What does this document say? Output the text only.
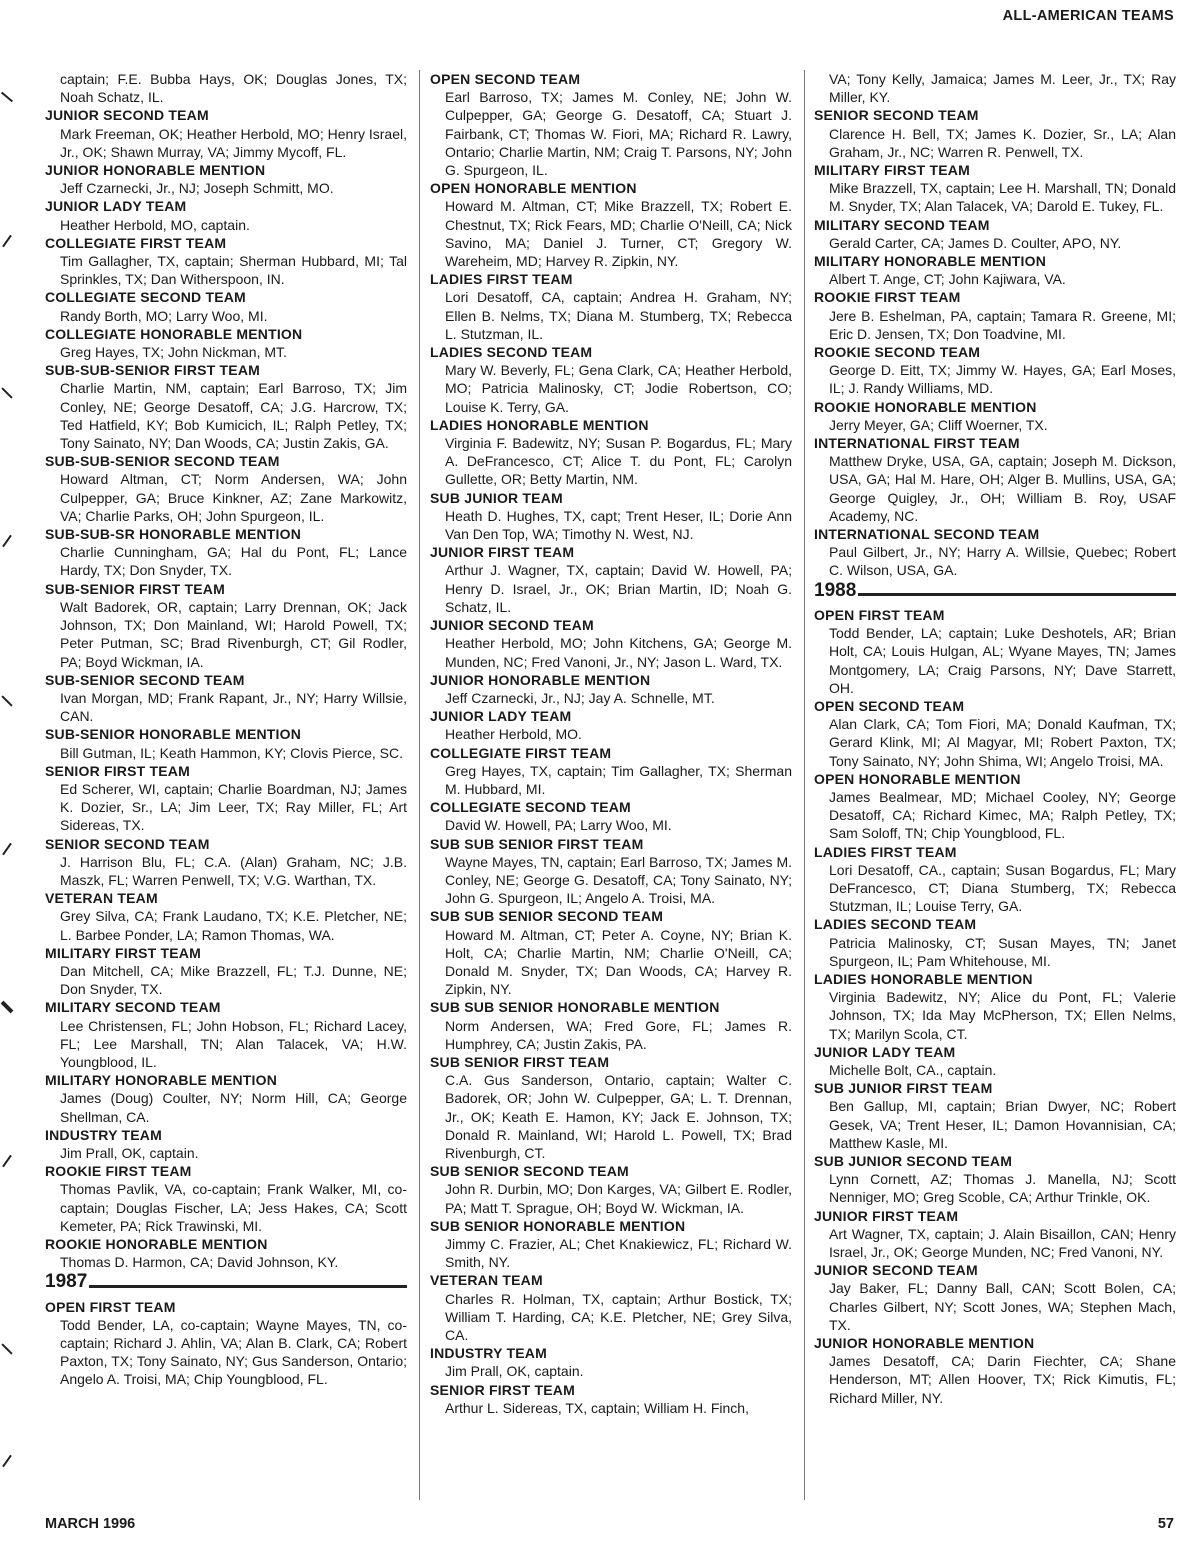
ALL-AMERICAN TEAMS

captain; F.E. Bubba Hays, OK; Douglas Jones, TX; Noah Schatz, IL.

JUNIOR SECOND TEAM

Mark Freeman, OK; Heather Herbold, MO; Henry Israel, Jr., OK; Shawn Murray, VA; Jimmy Mycoff, FL.

JUNIOR HONORABLE MENTION

Jeff Czarnecki, Jr., NJ; Joseph Schmitt, MO.

JUNIOR LADY TEAM

Heather Herbold, MO, captain.

COLLEGIATE FIRST TEAM

Tim Gallagher, TX, captain; Sherman Hubbard, MI; Tal Sprinkles, TX; Dan Witherspoon, IN.

COLLEGIATE SECOND TEAM

Randy Borth, MO; Larry Woo, MI.

COLLEGIATE HONORABLE MENTION

Greg Hayes, TX; John Nickman, MT.

SUB-SUB-SENIOR FIRST TEAM

Charlie Martin, NM, captain; Earl Barroso, TX; Jim Conley, NE; George Desatoff, CA; J.G. Harcrow, TX; Ted Hatfield, KY; Bob Kumicich, IL; Ralph Petley, TX; Tony Sainato, NY; Dan Woods, CA; Justin Zakis, GA.

SUB-SUB-SENIOR SECOND TEAM

Howard Altman, CT; Norm Andersen, WA; John Culpepper, GA; Bruce Kinkner, AZ; Zane Markowitz, VA; Charlie Parks, OH; John Spurgeon, IL.

SUB-SUB-SR HONORABLE MENTION

Charlie Cunningham, GA; Hal du Pont, FL; Lance Hardy, TX; Don Snyder, TX.

SUB-SENIOR FIRST TEAM

Walt Badorek, OR, captain; Larry Drennan, OK; Jack Johnson, TX; Don Mainland, WI; Harold Powell, TX; Peter Putman, SC; Brad Rivenburgh, CT; Gil Rodler, PA; Boyd Wickman, IA.

SUB-SENIOR SECOND TEAM

Ivan Morgan, MD; Frank Rapant, Jr., NY; Harry Willsie, CAN.

SUB-SENIOR HONORABLE MENTION

Bill Gutman, IL; Keath Hammon, KY; Clovis Pierce, SC.

SENIOR FIRST TEAM

Ed Scherer, WI, captain; Charlie Boardman, NJ; James K. Dozier, Sr., LA; Jim Leer, TX; Ray Miller, FL; Art Sidereas, TX.

SENIOR SECOND TEAM

J. Harrison Blu, FL; C.A. (Alan) Graham, NC; J.B. Maszk, FL; Warren Penwell, TX; V.G. Warthan, TX.

VETERAN TEAM

Grey Silva, CA; Frank Laudano, TX; K.E. Pletcher, NE; L. Barbee Ponder, LA; Ramon Thomas, WA.

MILITARY FIRST TEAM

Dan Mitchell, CA; Mike Brazzell, FL; T.J. Dunne, NE; Don Snyder, TX.

MILITARY SECOND TEAM

Lee Christensen, FL; John Hobson, FL; Richard Lacey, FL; Lee Marshall, TN; Alan Talacek, VA; H.W. Youngblood, IL.

MILITARY HONORABLE MENTION

James (Doug) Coulter, NY; Norm Hill, CA; George Shellman, CA.

INDUSTRY TEAM

Jim Prall, OK, captain.

ROOKIE FIRST TEAM

Thomas Pavlik, VA, co-captain; Frank Walker, MI, co-captain; Douglas Fischer, LA; Jess Hakes, CA; Scott Kemeter, PA; Rick Trawinski, MI.

ROOKIE HONORABLE MENTION

Thomas D. Harmon, CA; David Johnson, KY.

1987

OPEN FIRST TEAM

Todd Bender, LA, co-captain; Wayne Mayes, TN, co-captain; Richard J. Ahlin, VA; Alan B. Clark, CA; Robert Paxton, TX; Tony Sainato, NY; Gus Sanderson, Ontario; Angelo A. Troisi, MA; Chip Youngblood, FL.

OPEN SECOND TEAM

Earl Barroso, TX; James M. Conley, NE; John W. Culpepper, GA; George G. Desatoff, CA; Stuart J. Fairbank, CT; Thomas W. Fiori, MA; Richard R. Lawry, Ontario; Charlie Martin, NM; Craig T. Parsons, NY; John G. Spurgeon, IL.

OPEN HONORABLE MENTION

Howard M. Altman, CT; Mike Brazzell, TX; Robert E. Chestnut, TX; Rick Fears, MD; Charlie O'Neill, CA; Nick Savino, MA; Daniel J. Turner, CT; Gregory W. Wareheim, MD; Harvey R. Zipkin, NY.

LADIES FIRST TEAM

Lori Desatoff, CA, captain; Andrea H. Graham, NY; Ellen B. Nelms, TX; Diana M. Stumberg, TX; Rebecca L. Stutzman, IL.

LADIES SECOND TEAM

Mary W. Beverly, FL; Gena Clark, CA; Heather Herbold, MO; Patricia Malinosky, CT; Jodie Robertson, CO; Louise K. Terry, GA.

LADIES HONORABLE MENTION

Virginia F. Badewitz, NY; Susan P. Bogardus, FL; Mary A. DeFrancesco, CT; Alice T. du Pont, FL; Carolyn Gullette, OR; Betty Martin, NM.

SUB JUNIOR TEAM

Heath D. Hughes, TX, capt; Trent Heser, IL; Dorie Ann Van Den Top, WA; Timothy N. West, NJ.

JUNIOR FIRST TEAM

Arthur J. Wagner, TX, captain; David W. Howell, PA; Henry D. Israel, Jr., OK; Brian Martin, ID; Noah G. Schatz, IL.

JUNIOR SECOND TEAM

Heather Herbold, MO; John Kitchens, GA; George M. Munden, NC; Fred Vanoni, Jr., NY; Jason L. Ward, TX.

JUNIOR HONORABLE MENTION

Jeff Czarnecki, Jr., NJ; Jay A. Schnelle, MT.

JUNIOR LADY TEAM

Heather Herbold, MO.

COLLEGIATE FIRST TEAM

Greg Hayes, TX, captain; Tim Gallagher, TX; Sherman M. Hubbard, MI.

COLLEGIATE SECOND TEAM

David W. Howell, PA; Larry Woo, MI.

SUB SUB SENIOR FIRST TEAM

Wayne Mayes, TN, captain; Earl Barroso, TX; James M. Conley, NE; George G. Desatoff, CA; Tony Sainato, NY; John G. Spurgeon, IL; Angelo A. Troisi, MA.

SUB SUB SENIOR SECOND TEAM

Howard M. Altman, CT; Peter A. Coyne, NY; Brian K. Holt, CA; Charlie Martin, NM; Charlie O'Neill, CA; Donald M. Snyder, TX; Dan Woods, CA; Harvey R. Zipkin, NY.

SUB SUB SENIOR HONORABLE MENTION

Norm Andersen, WA; Fred Gore, FL; James R. Humphrey, CA; Justin Zakis, PA.

SUB SENIOR FIRST TEAM

C.A. Gus Sanderson, Ontario, captain; Walter C. Badorek, OR; John W. Culpepper, GA; L. T. Drennan, Jr., OK; Keath E. Hamon, KY; Jack E. Johnson, TX; Donald R. Mainland, WI; Harold L. Powell, TX; Brad Rivenburgh, CT.

SUB SENIOR SECOND TEAM

John R. Durbin, MO; Don Karges, VA; Gilbert E. Rodler, PA; Matt T. Sprague, OH; Boyd W. Wickman, IA.

SUB SENIOR HONORABLE MENTION

Jimmy C. Frazier, AL; Chet Knakiewicz, FL; Richard W. Smith, NY.

VETERAN TEAM

Charles R. Holman, TX, captain; Arthur Bostick, TX; William T. Harding, CA; K.E. Pletcher, NE; Grey Silva, CA.

INDUSTRY TEAM

Jim Prall, OK, captain.

SENIOR FIRST TEAM

Arthur L. Sidereas, TX, captain; William H. Finch,

VA; Tony Kelly, Jamaica; James M. Leer, Jr., TX; Ray Miller, KY.

SENIOR SECOND TEAM

Clarence H. Bell, TX; James K. Dozier, Sr., LA; Alan Graham, Jr., NC; Warren R. Penwell, TX.

MILITARY FIRST TEAM

Mike Brazzell, TX, captain; Lee H. Marshall, TN; Donald M. Snyder, TX; Alan Talacek, VA; Darold E. Tukey, FL.

MILITARY SECOND TEAM

Gerald Carter, CA; James D. Coulter, APO, NY.

MILITARY HONORABLE MENTION

Albert T. Ange, CT; John Kajiwara, VA.

ROOKIE FIRST TEAM

Jere B. Eshelman, PA, captain; Tamara R. Greene, MI; Eric D. Jensen, TX; Don Toadvine, MI.

ROOKIE SECOND TEAM

George D. Eitt, TX; Jimmy W. Hayes, GA; Earl Moses, IL; J. Randy Williams, MD.

ROOKIE HONORABLE MENTION

Jerry Meyer, GA; Cliff Woerner, TX.

INTERNATIONAL FIRST TEAM

Matthew Dryke, USA, GA, captain; Joseph M. Dickson, USA, GA; Hal M. Hare, OH; Alger B. Mullins, USA, GA; George Quigley, Jr., OH; William B. Roy, USAF Academy, NC.

INTERNATIONAL SECOND TEAM

Paul Gilbert, Jr., NY; Harry A. Willsie, Quebec; Robert C. Wilson, USA, GA.

1988

OPEN FIRST TEAM

Todd Bender, LA; captain; Luke Deshotels, AR; Brian Holt, CA; Louis Hulgan, AL; Wyane Mayes, TN; James Montgomery, LA; Craig Parsons, NY; Dave Starrett, OH.

OPEN SECOND TEAM

Alan Clark, CA; Tom Fiori, MA; Donald Kaufman, TX; Gerard Klink, MI; Al Magyar, MI; Robert Paxton, TX; Tony Sainato, NY; John Shima, WI; Angelo Troisi, MA.

OPEN HONORABLE MENTION

James Bealmear, MD; Michael Cooley, NY; George Desatoff, CA; Richard Kimec, MA; Ralph Petley, TX; Sam Soloff, TN; Chip Youngblood, FL.

LADIES FIRST TEAM

Lori Desatoff, CA., captain; Susan Bogardus, FL; Mary DeFrancesco, CT; Diana Stumberg, TX; Rebecca Stutzman, IL; Louise Terry, GA.

LADIES SECOND TEAM

Patricia Malinosky, CT; Susan Mayes, TN; Janet Spurgeon, IL; Pam Whitehouse, MI.

LADIES HONORABLE MENTION

Virginia Badewitz, NY; Alice du Pont, FL; Valerie Johnson, TX; Ida May McPherson, TX; Ellen Nelms, TX; Marilyn Scola, CT.

JUNIOR LADY TEAM

Michelle Bolt, CA., captain.

SUB JUNIOR FIRST TEAM

Ben Gallup, MI, captain; Brian Dwyer, NC; Robert Gesek, VA; Trent Heser, IL; Damon Hovannisian, CA; Matthew Kasle, MI.

SUB JUNIOR SECOND TEAM

Lynn Cornett, AZ; Thomas J. Manella, NJ; Scott Nenniger, MO; Greg Scoble, CA; Arthur Trinkle, OK.

JUNIOR FIRST TEAM

Art Wagner, TX, captain; J. Alain Bisaillon, CAN; Henry Israel, Jr., OK; George Munden, NC; Fred Vanoni, NY.

JUNIOR SECOND TEAM

Jay Baker, FL; Danny Ball, CAN; Scott Bolen, CA; Charles Gilbert, NY; Scott Jones, WA; Stephen Mach, TX.

JUNIOR HONORABLE MENTION

James Desatoff, CA; Darin Fiechter, CA; Shane Henderson, MT; Allen Hoover, TX; Rick Kimutis, FL; Richard Miller, NY.

MARCH 1996	57
